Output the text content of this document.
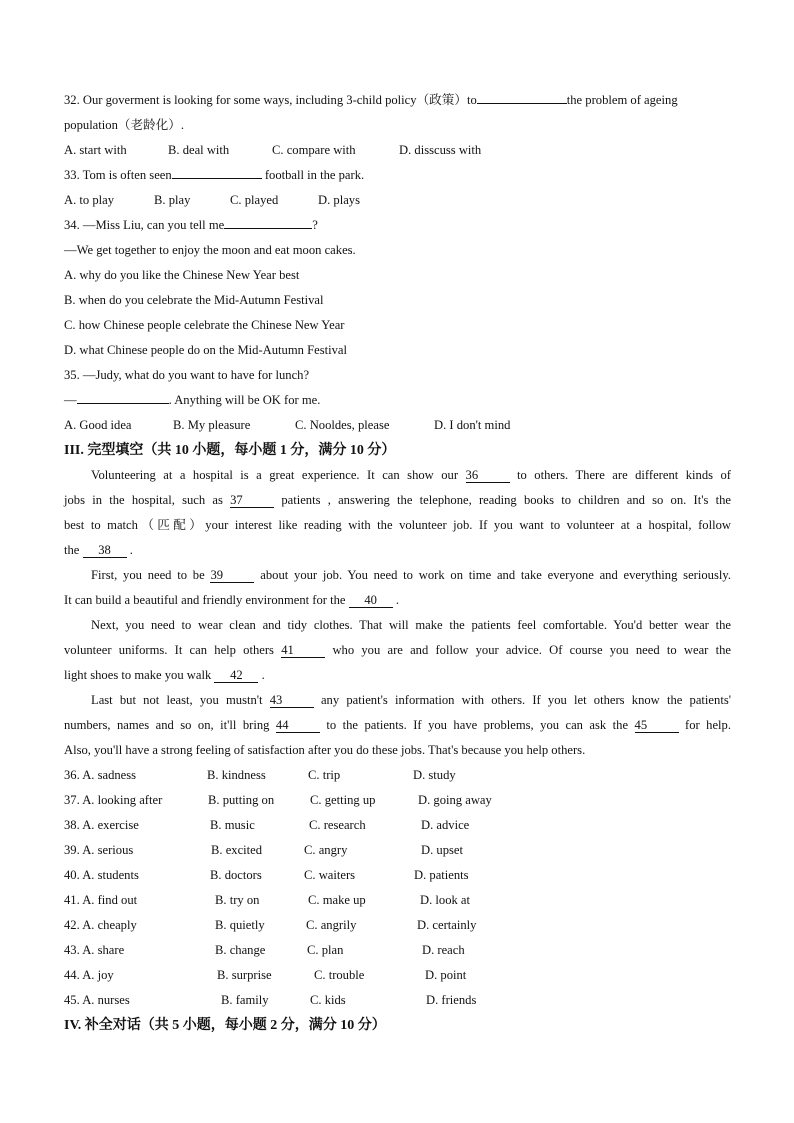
32. Our goverment is looking for some ways, including 3-child policy（政策）to	the problem of ageing
population（老龄化）.
A. start with	B. deal with	C. compare with	D. disscuss with
33. Tom is often seen	football in the park.
A. to play	B. play	C. played	D. plays
34. —Miss Liu, can you tell me	?
—We get together to enjoy the moon and eat moon cakes.
A. why do you like the Chinese New Year best
B. when do you celebrate the Mid-Autumn Festival
C. how Chinese people celebrate the Chinese New Year
D. what Chinese people do on the Mid-Autumn Festival
35. —Judy, what do you want to have for lunch?
—	. Anything will be OK for me.
A. Good idea	B. My pleasure	C. Nooldes, please	D. I don't mind
III. 完型填空（共 10 小题，每小题 1 分，满分 10 分）
Volunteering at a hospital is a great experience. It can show our 36	to others. There are different kinds of
jobs in the hospital, such as 37	patients , answering the telephone, reading books to children and so on. It's the
best to match（匹配）your interest like reading with the volunteer job. If you want to volunteer at a hospital, follow
the 38 .
First, you need to be 39	about your job. You need to work on time and take everyone and everything seriously.
It can build a beautiful and friendly environment for the 40 .
Next, you need to wear clean and tidy clothes. That will make the patients feel comfortable. You'd better wear the
volunteer uniforms. It can help others 41	who you are and follow your advice. Of course you need to wear the
light shoes to make you walk 42 .
Last but not least, you mustn't 43	any patient's information with others. If you let others know the patients'
numbers, names and so on, it'll bring 44	to the patients. If you have problems, you can ask the 45	for help.
Also, you'll have a strong feeling of satisfaction after you do these jobs. That's because you help others.
36. A. sadness	B. kindness	C. trip	D. study
37. A. looking after	B. putting on	C. getting up	D. going away
38. A. exercise	B. music	C. research	D. advice
39. A. serious	B. excited	C. angry	D. upset
40. A. students	B. doctors	C. waiters	D. patients
41. A. find out	B. try on	C. make up	D. look at
42. A. cheaply	B. quietly	C. angrily	D. certainly
43. A. share	B. change	C. plan	D. reach
44. A. joy	B. surprise	C. trouble	D. point
45. A. nurses	B. family	C. kids	D. friends
IV. 补全对话（共 5 小题，每小题 2 分，满分 10 分）
